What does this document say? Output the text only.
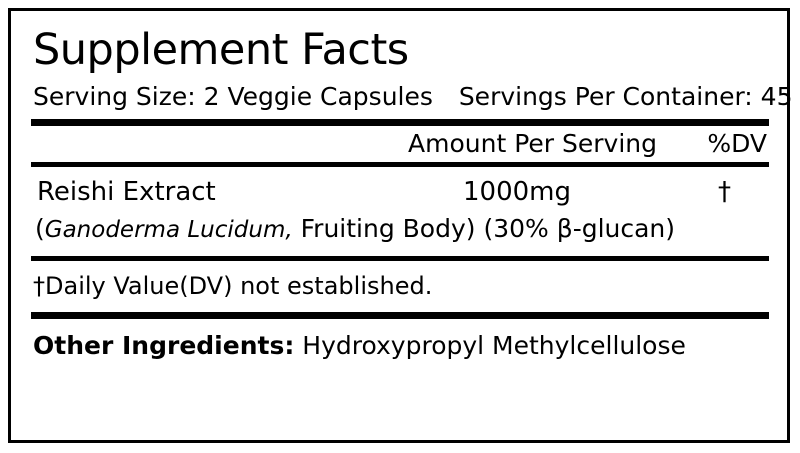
Supplement Facts
Serving Size: 2 Veggie Capsules Servings Per Container: 45
Amount Per Serving %DV
Reishi Extract	1000mg	†
(Ganoderma Lucidum, Fruiting Body) (30% β-glucan)
†Daily Value(DV) not established.
Other Ingredients: Hydroxypropyl Methylcellulose
